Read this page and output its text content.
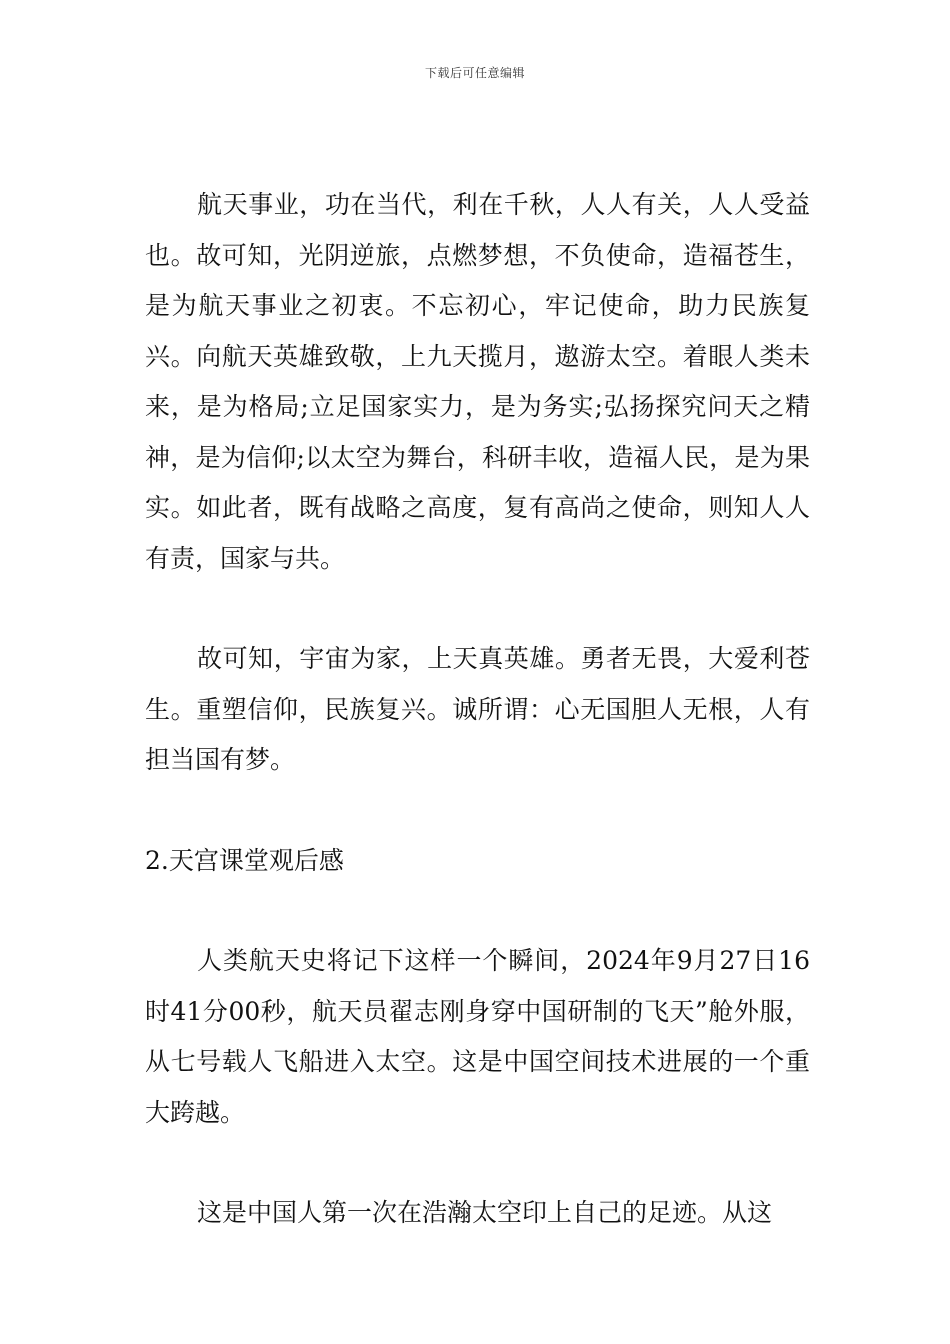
下载后可任意编辑

航天事业，功在当代，利在千秋，人人有关，人人受益也。故可知，光阴逆旅，点燃梦想，不负使命，造福苍生，是为航天事业之初衷。不忘初心，牢记使命，助力民族复兴。向航天英雄致敬，上九天揽月，遨游太空。着眼人类未来，是为格局;立足国家实力，是为务实;弘扬探究问天之精神，是为信仰;以太空为舞台，科研丰收，造福人民，是为果实。如此者，既有战略之高度，复有高尚之使命，则知人人有责，国家与共。

故可知，宇宙为家，上天真英雄。勇者无畏，大爱利苍生。重塑信仰，民族复兴。诚所谓：心无国胆人无根，人有担当国有梦。

2.天宫课堂观后感

人类航天史将记下这样一个瞬间，2024年9月27日16时41分00秒，航天员翟志刚身穿中国研制的飞天”舱外服，从七号载人飞船进入太空。这是中国空间技术进展的一个重大跨越。

这是中国人第一次在浩瀚太空印上自己的足迹。从这
